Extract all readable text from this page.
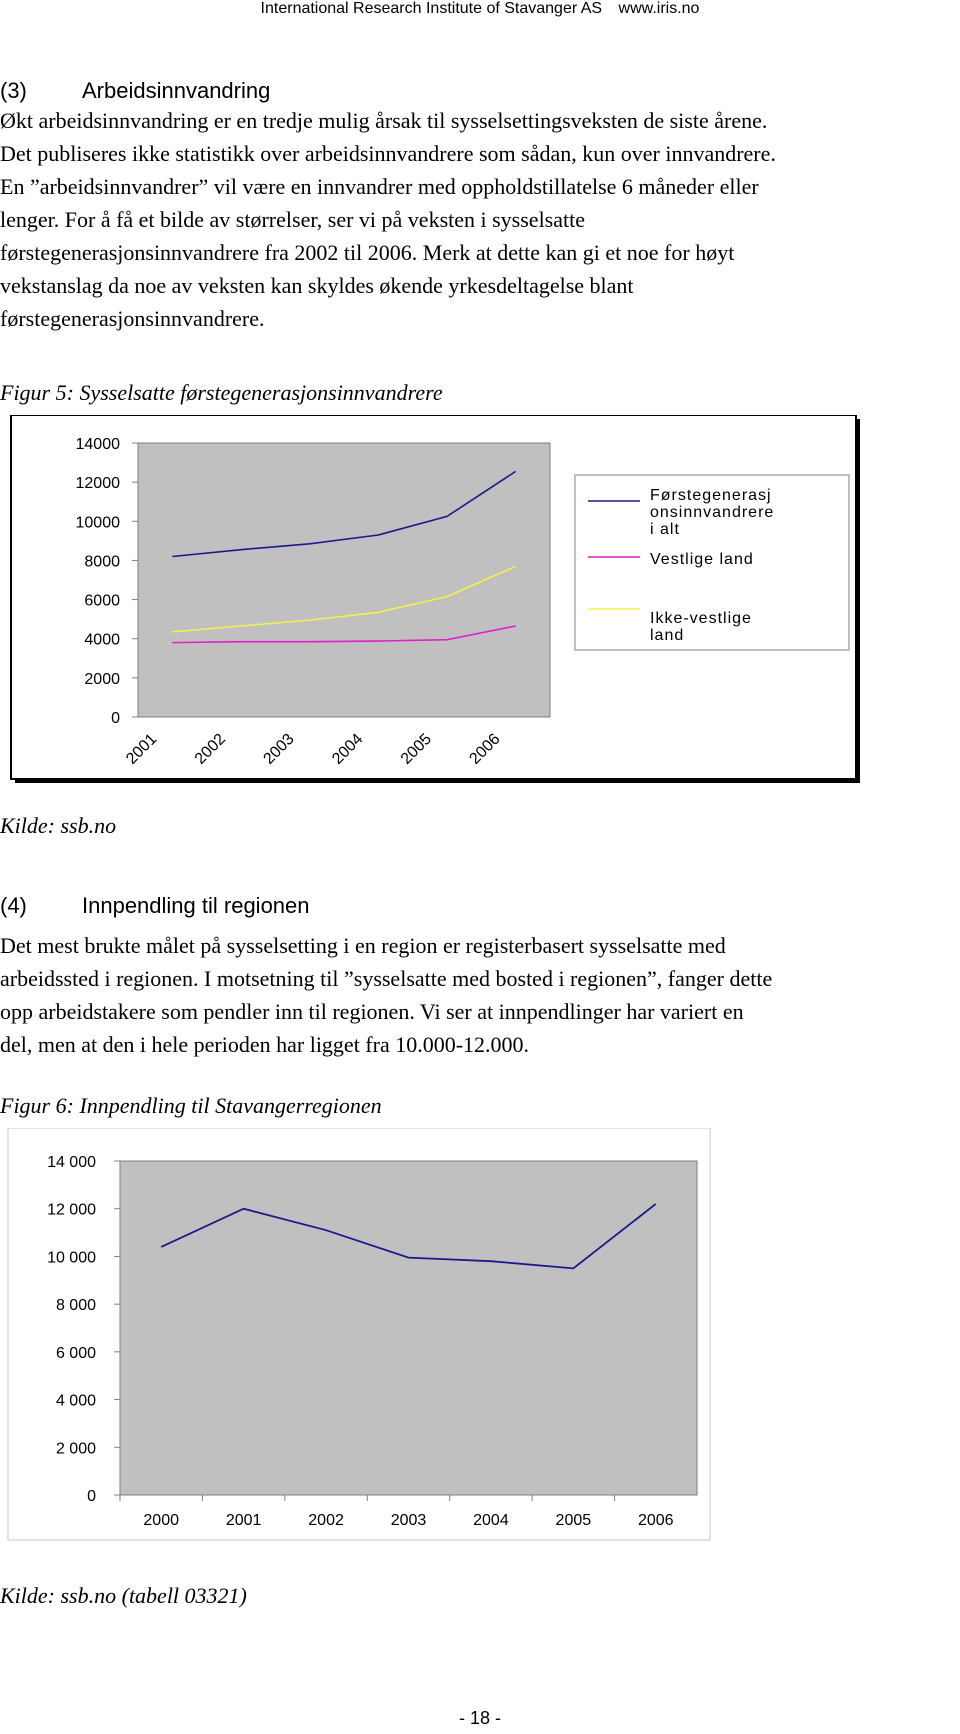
International Research Institute of Stavanger AS www.iris.no
(3)	Arbeidsinnvandring
Økt arbeidsinnvandring er en tredje mulig årsak til sysselsettingsveksten de siste årene.
Det publiseres ikke statistikk over arbeidsinnvandrere som sådan, kun over innvandrere.
En ”arbeidsinnvandrer” vil være en innvandrer med oppholdstillatelse 6 måneder eller
lenger. For å få et bilde av størrelser, ser vi på veksten i sysselsatte
førstegenerasjonsinnvandrere fra 2002 til 2006. Merk at dette kan gi et noe for høyt
vekstanslag da noe av veksten kan skyldes økende yrkesdeltagelse blant
førstegenerasjonsinnvandrere.
Figur 5: Sysselsatte førstegenerasjonsinnvandrere
0
2000
4000
6000
8000
10000
12000
14000
2001 2002 2003 2004 2005 2006
Førstegenerasj
onsinnvandrere
i alt
Vestlige land
Ikke-vestlige
land
Kilde: ssb.no
(4)	Innpendling til regionen
Det mest brukte målet på sysselsetting i en region er registerbasert sysselsatte med
arbeidssted i regionen. I motsetning til ”sysselsatte med bosted i regionen”, fanger dette
opp arbeidstakere som pendler inn til regionen. Vi ser at innpendlinger har variert en
del, men at den i hele perioden har ligget fra 10.000-12.000.
Figur 6: Innpendling til Stavangerregionen
0
2 000
4 000
6 000
8 000
10 000
12 000
14 000
2000	2001	2002	2003	2004	2005	2006
Kilde: ssb.no (tabell 03321)
- 18 -
